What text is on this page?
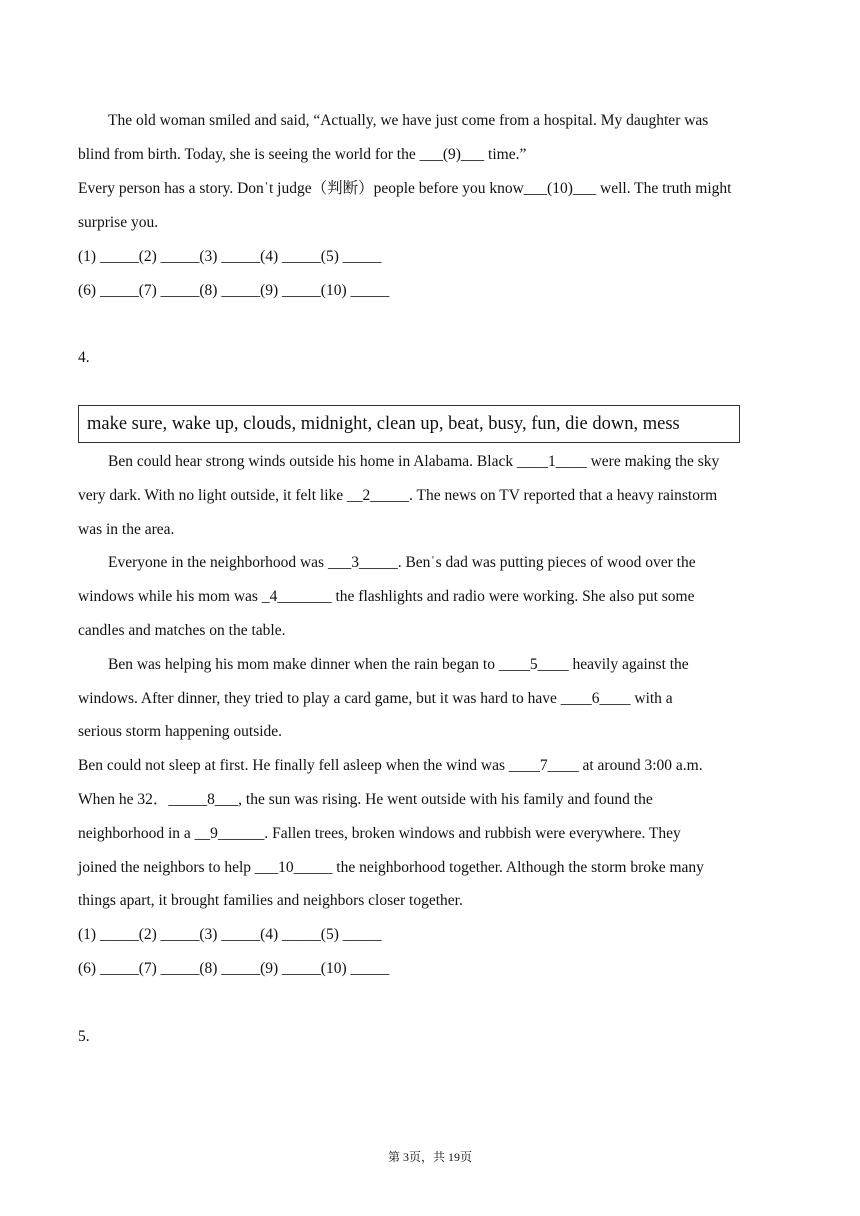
The old woman smiled and said, “Actually, we have just come from a hospital. My daughter was
blind from birth. Today, she is seeing the world for the ___(9)___ time.”
Every person has a story. Donˈt judge（判断）people before you know___(10)___ well. The truth might
surprise you.
(1) _____(2) _____(3) _____(4) _____(5) _____
(6) _____(7) _____(8) _____(9) _____(10) _____
4.
make sure, wake up, clouds, midnight, clean up, beat, busy, fun, die down, mess
Ben could hear strong winds outside his home in Alabama. Black ____1____ were making the sky
very dark. With no light outside, it felt like __2_____. The news on TV reported that a heavy rainstorm
was in the area.
Everyone in the neighborhood was ___3_____. Benˈs dad was putting pieces of wood over the
windows while his mom was _4_______ the flashlights and radio were working. She also put some
candles and matches on the table.
Ben was helping his mom make dinner when the rain began to ____5____ heavily against the
windows. After dinner, they tried to play a card game, but it was hard to have ____6____ with a
serious storm happening outside.
Ben could not sleep at first. He finally fell asleep when the wind was ____7____ at around 3:00 a.m.
When he 32．_____8___, the sun was rising. He went outside with his family and found the
neighborhood in a __9______. Fallen trees, broken windows and rubbish were everywhere. They
joined the neighbors to help ___10_____ the neighborhood together. Although the storm broke many
things apart, it brought families and neighbors closer together.
(1) _____(2) _____(3) _____(4) _____(5) _____
(6) _____(7) _____(8) _____(9) _____(10) _____
5.
第 3页，共 19页
